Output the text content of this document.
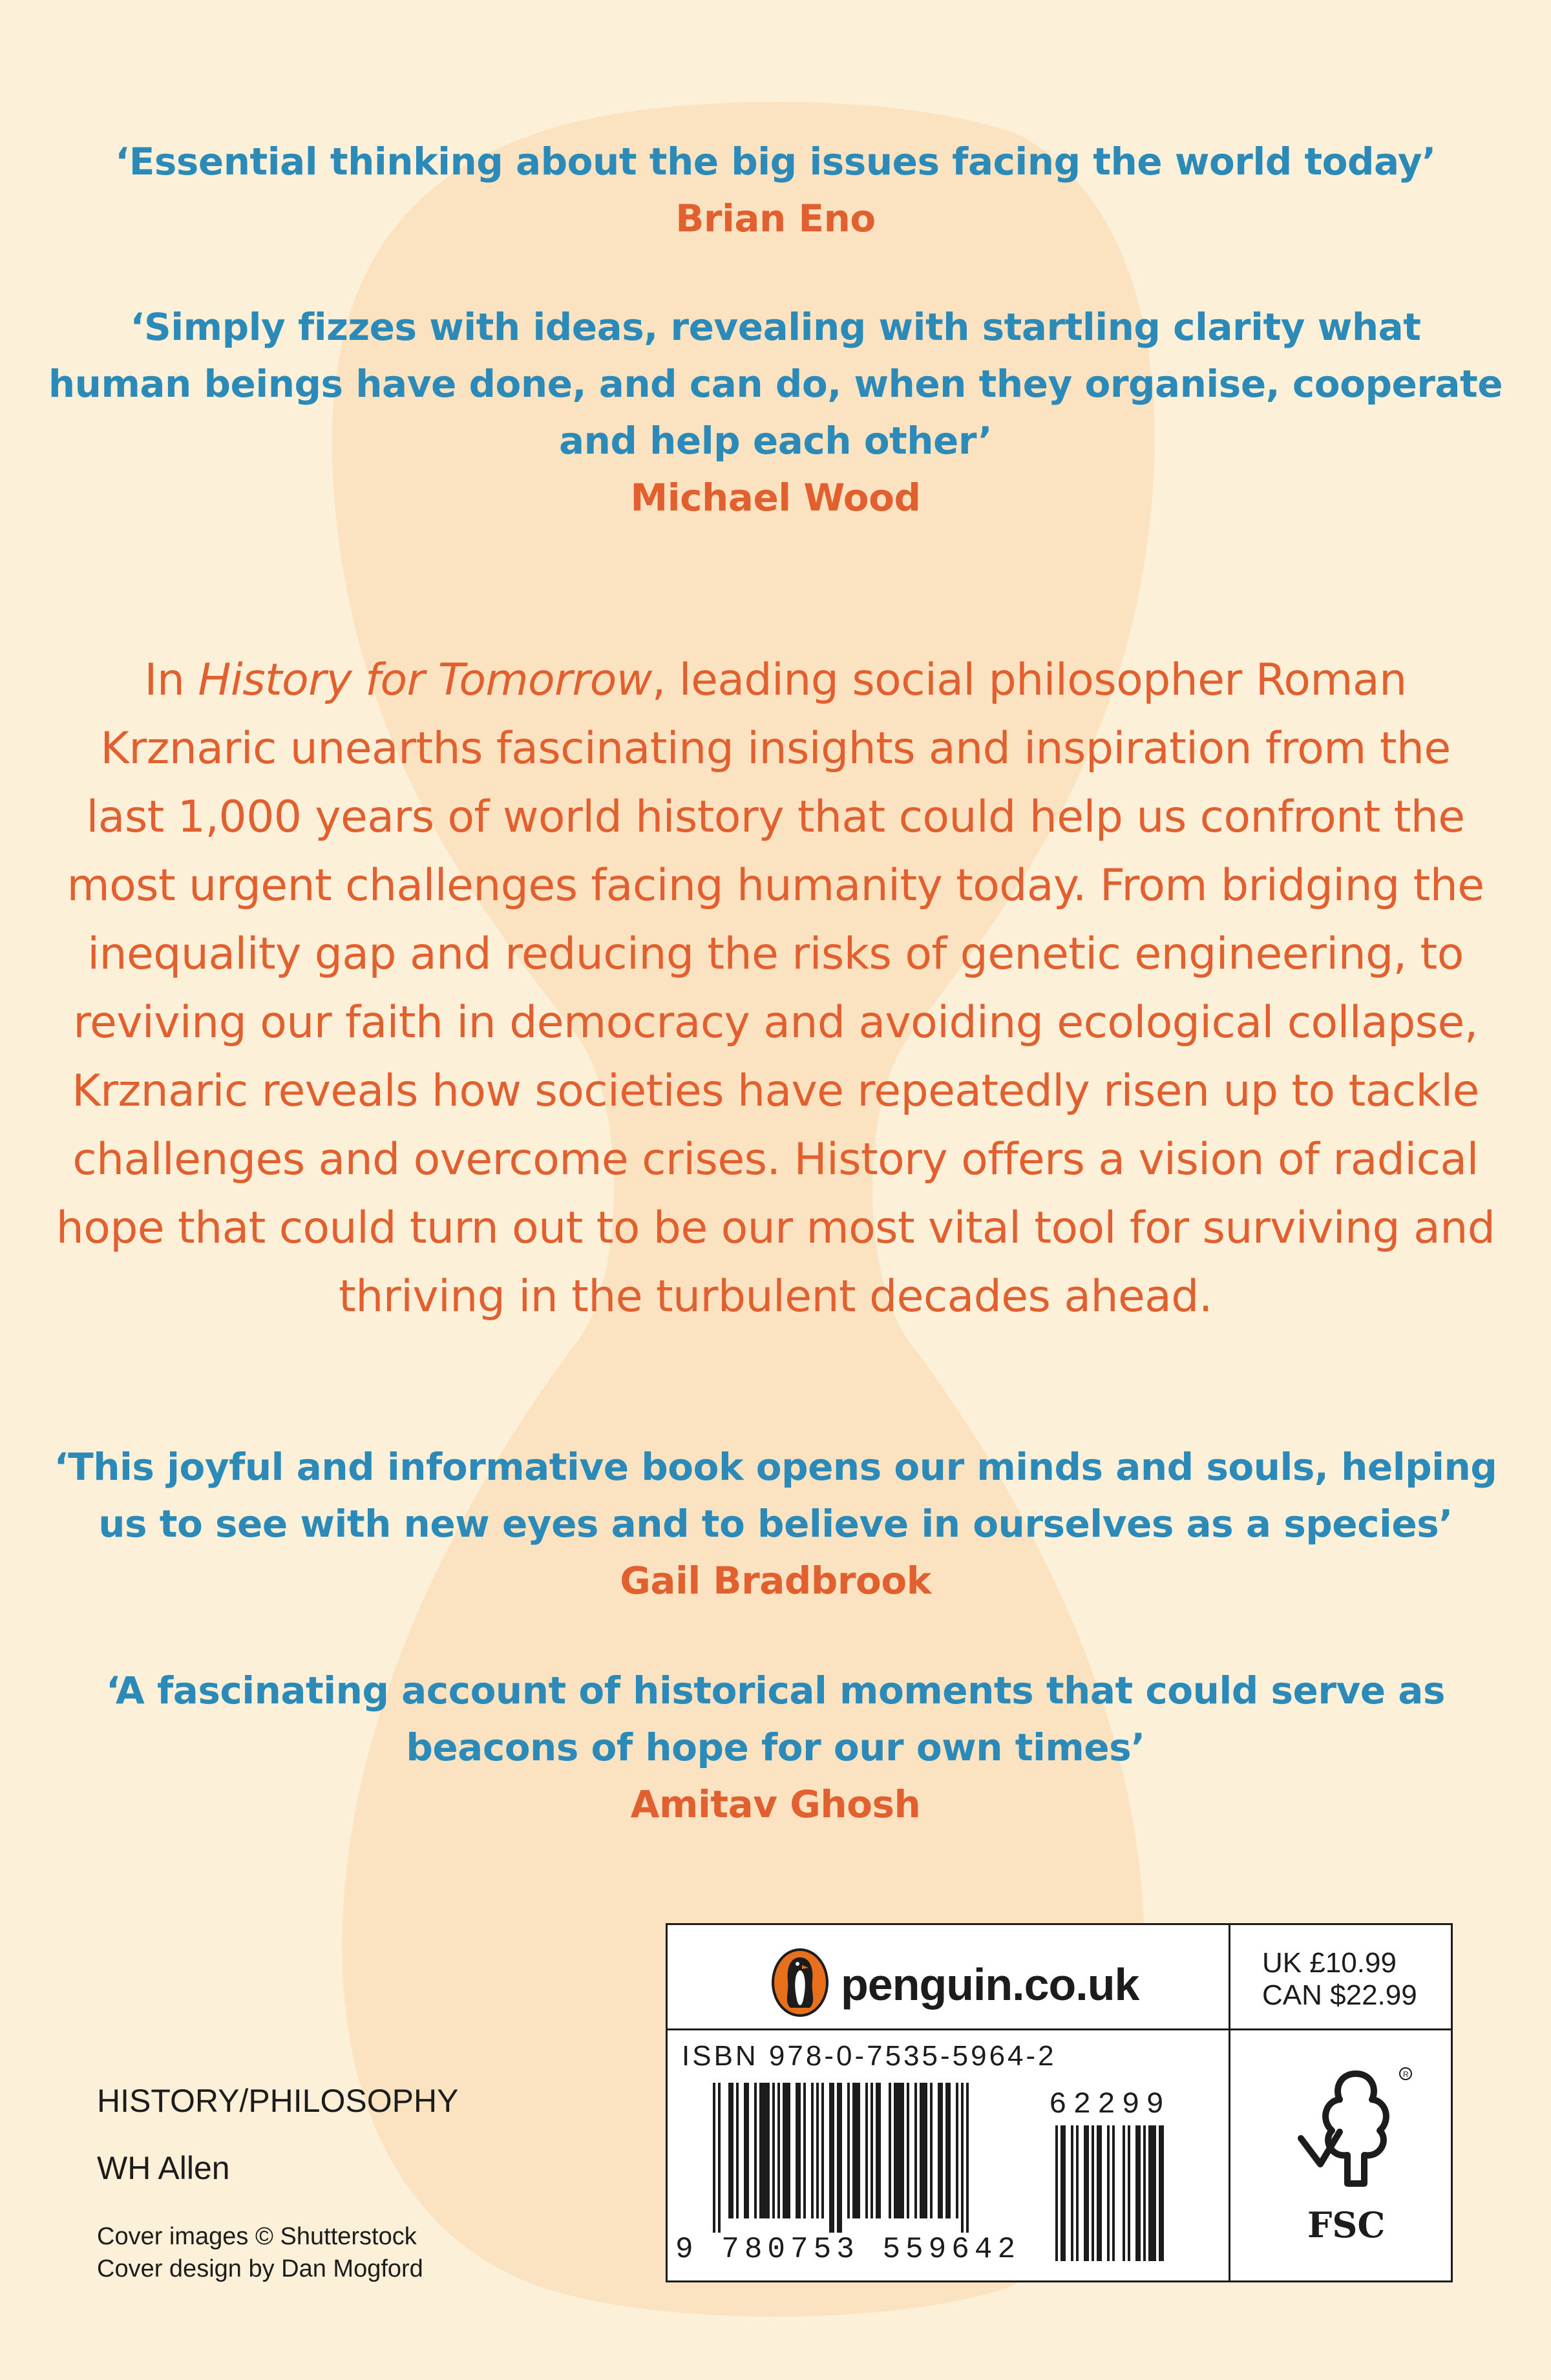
‘Essential thinking about the big issues facing the world today’
Brian Eno
‘Simply fizzes with ideas, revealing with startling clarity what
human beings have done, and can do, when they organise, cooperate
and help each other’
Michael Wood
In History for Tomorrow, leading social philosopher Roman
Krznaric unearths fascinating insights and inspiration from the
last 1,000 years of world history that could help us confront the
most urgent challenges facing humanity today. From bridging the
inequality gap and reducing the risks of genetic engineering, to
reviving our faith in democracy and avoiding ecological collapse,
Krznaric reveals how societies have repeatedly risen up to tackle
challenges and overcome crises. History offers a vision of radical
hope that could turn out to be our most vital tool for surviving and
thriving in the turbulent decades ahead.
‘This joyful and informative book opens our minds and souls, helping
us to see with new eyes and to believe in ourselves as a species’
Gail Bradbrook
‘A fascinating account of historical moments that could serve as
beacons of hope for our own times’
Amitav Ghosh
HISTORY/PHILOSOPHY
WH Allen
Cover images © Shutterstock
Cover design by Dan Mogford
penguin.co.uk	UK £10.99
CAN $22.99
ISBN 978-0-7535-5964-2
9 780753 559642
62299
R
FSC
